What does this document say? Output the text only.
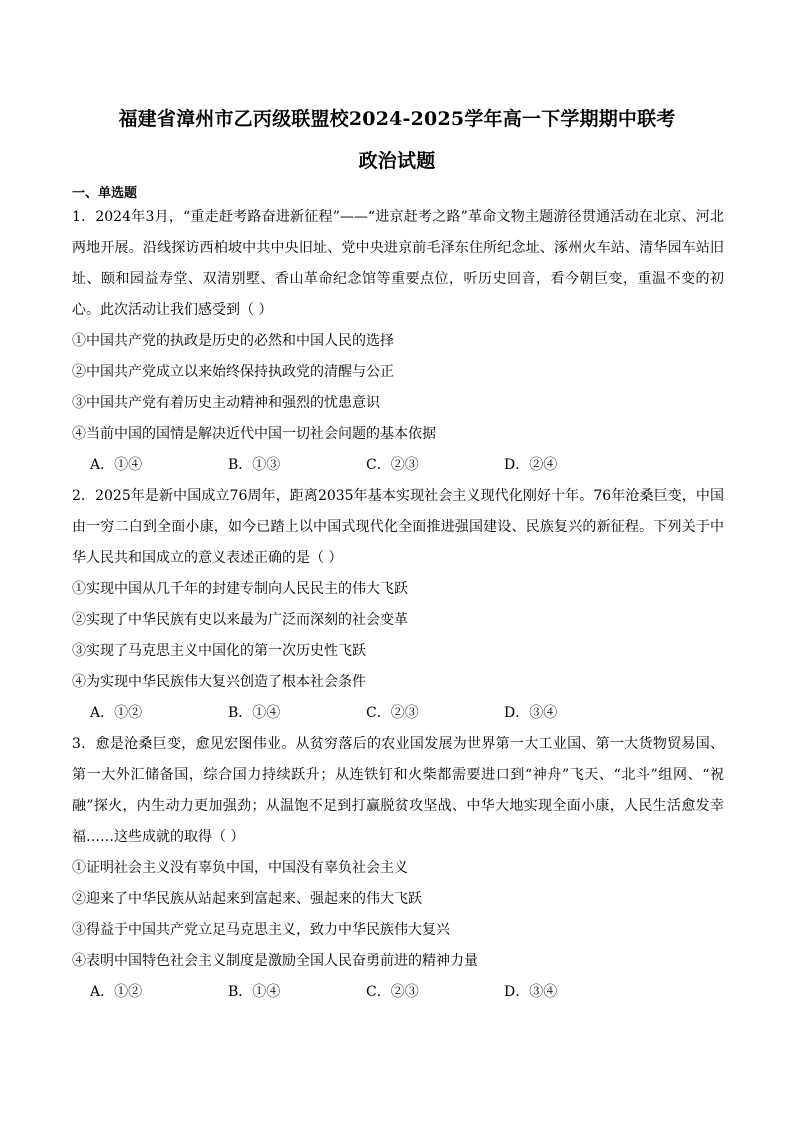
福建省漳州市乙丙级联盟校2024-2025学年高一下学期期中联考
政治试题
一、单选题
1．2024年3月，“重走赶考路奋进新征程”——“进京赶考之路”革命文物主题游径贯通活动在北京、河北两地开展。沿线探访西柏坡中共中央旧址、党中央进京前毛泽东住所纪念址、涿州火车站、清华园车站旧址、颐和园益寿堂、双清别墅、香山革命纪念馆等重要点位，听历史回音，看今朝巨变，重温不变的初心。此次活动让我们感受到（ ）
①中国共产党的执政是历史的必然和中国人民的选择
②中国共产党成立以来始终保持执政党的清醒与公正
③中国共产党有着历史主动精神和强烈的忧患意识
④当前中国的国情是解决近代中国一切社会问题的基本依据
A．①④	B．①③	C．②③	D．②④
2．2025年是新中国成立76周年，距离2035年基本实现社会主义现代化刚好十年。76年沧桑巨变，中国由一穷二白到全面小康，如今已踏上以中国式现代化全面推进强国建设、民族复兴的新征程。下列关于中华人民共和国成立的意义表述正确的是（ ）
①实现中国从几千年的封建专制向人民民主的伟大飞跃
②实现了中华民族有史以来最为广泛而深刻的社会变革
③实现了马克思主义中国化的第一次历史性飞跃
④为实现中华民族伟大复兴创造了根本社会条件
A．①②	B．①④	C．②③	D．③④
3．愈是沧桑巨变，愈见宏图伟业。从贫穷落后的农业国发展为世界第一大工业国、第一大货物贸易国、第一大外汇储备国，综合国力持续跃升；从连铁钉和火柴都需要进口到“神舟”飞天、“北斗”组网、“祝融”探火，内生动力更加强劲；从温饱不足到打赢脱贫攻坚战、中华大地实现全面小康，人民生活愈发幸福……这些成就的取得（ ）
①证明社会主义没有辜负中国，中国没有辜负社会主义
②迎来了中华民族从站起来到富起来、强起来的伟大飞跃
③得益于中国共产党立足马克思主义，致力中华民族伟大复兴
④表明中国特色社会主义制度是激励全国人民奋勇前进的精神力量
A．①②	B．①④	C．②③	D．③④
